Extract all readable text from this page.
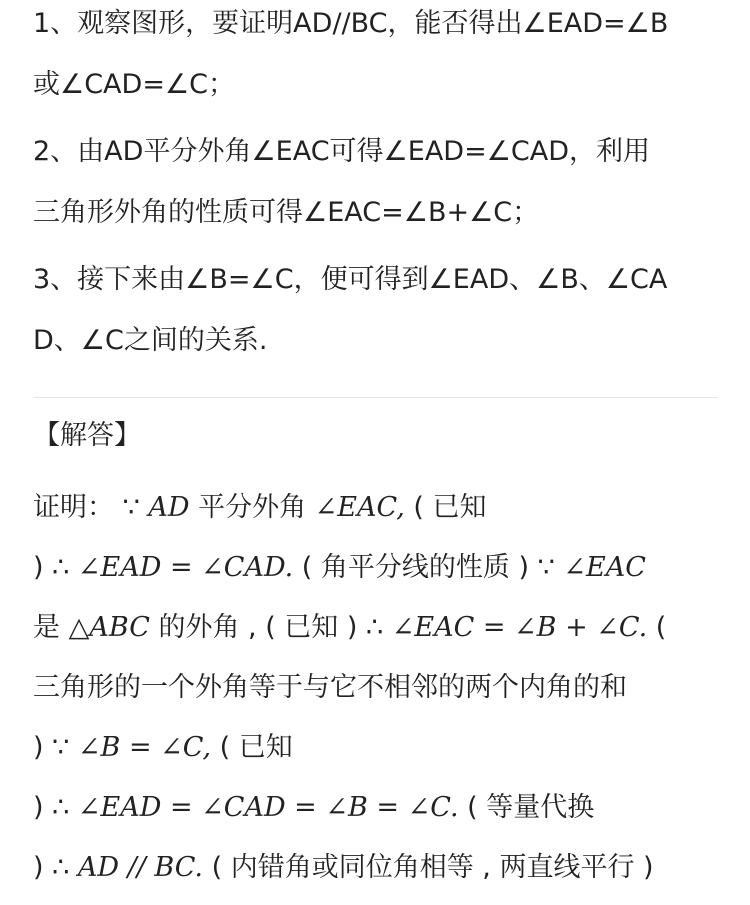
1、观察图形，要证明AD//BC，能否得出∠EAD=∠B
或∠CAD=∠C；

2、由AD平分外角∠EAC可得∠EAD=∠CAD，利用
三角形外角的性质可得∠EAC=∠B+∠C；

3、接下来由∠B=∠C，便可得到∠EAD、∠B、∠CA
D、∠C之间的关系.

【解答】
证明： ∵ AD 平分外角 ∠EAC, ( 已知
) ∴ ∠EAD = ∠CAD. ( 角平分线的性质 ) ∵ ∠EAC
是 △ABC 的外角 , ( 已知 ) ∴ ∠EAC = ∠B + ∠C. (
三角形的一个外角等于与它不相邻的两个内角的和
) ∵ ∠B = ∠C, ( 已知
) ∴ ∠EAD = ∠CAD = ∠B = ∠C. ( 等量代换
) ∴ AD // BC. ( 内错角或同位角相等 , 两直线平行 )
